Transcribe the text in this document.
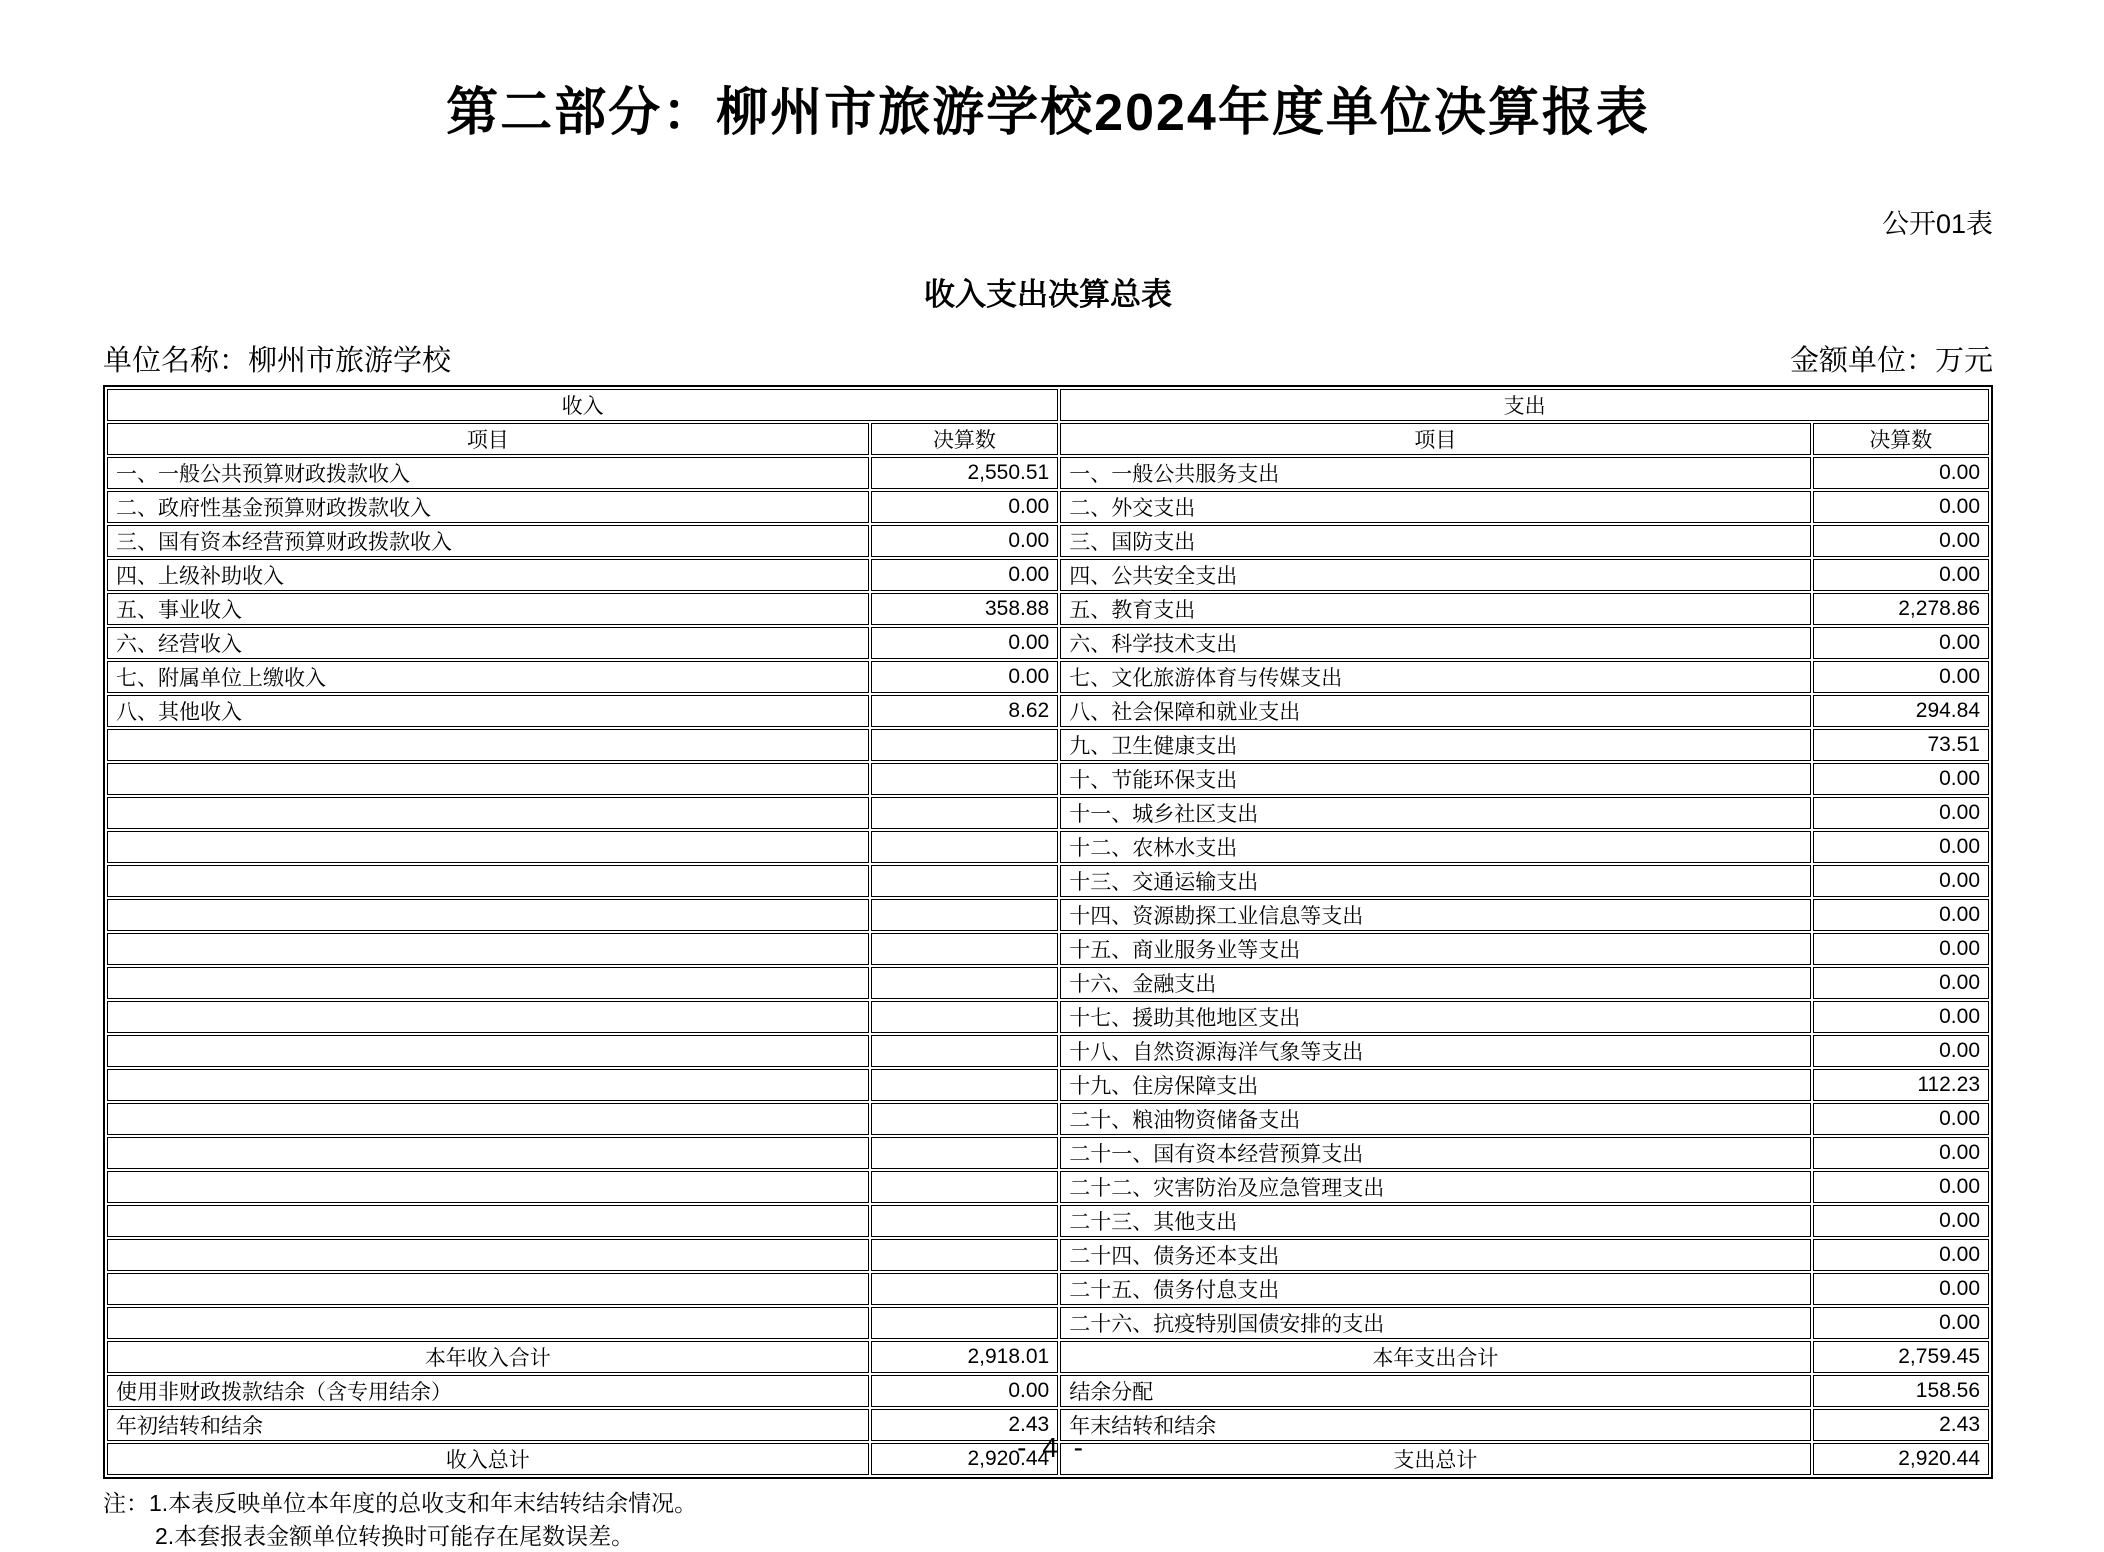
第二部分：柳州市旅游学校2024年度单位决算报表
公开01表
收入支出决算总表
单位名称：柳州市旅游学校	金额单位：万元
收入		支出	
项目	决算数	项目	决算数
一、一般公共预算财政拨款收入	2,550.51	一、一般公共服务支出	0.00
二、政府性基金预算财政拨款收入	0.00	二、外交支出	0.00
三、国有资本经营预算财政拨款收入	0.00	三、国防支出	0.00
四、上级补助收入	0.00	四、公共安全支出	0.00
五、事业收入	358.88	五、教育支出	2,278.86
六、经营收入	0.00	六、科学技术支出	0.00
七、附属单位上缴收入	0.00	七、文化旅游体育与传媒支出	0.00
八、其他收入	8.62	八、社会保障和就业支出	294.84
		九、卫生健康支出	73.51
		十、节能环保支出	0.00
		十一、城乡社区支出	0.00
		十二、农林水支出	0.00
		十三、交通运输支出	0.00
		十四、资源勘探工业信息等支出	0.00
		十五、商业服务业等支出	0.00
		十六、金融支出	0.00
		十七、援助其他地区支出	0.00
		十八、自然资源海洋气象等支出	0.00
		十九、住房保障支出	112.23
		二十、粮油物资储备支出	0.00
		二十一、国有资本经营预算支出	0.00
		二十二、灾害防治及应急管理支出	0.00
		二十三、其他支出	0.00
		二十四、债务还本支出	0.00
		二十五、债务付息支出	0.00
		二十六、抗疫特别国债安排的支出	0.00
本年收入合计	2,918.01	本年支出合计	2,759.45
使用非财政拨款结余（含专用结余）	0.00	结余分配	158.56
年初结转和结余	2.43	年末结转和结余	2.43
收入总计	2,920.44	支出总计	2,920.44
注：1.本表反映单位本年度的总收支和年末结转结余情况。
2.本套报表金额单位转换时可能存在尾数误差。
- 4 -
